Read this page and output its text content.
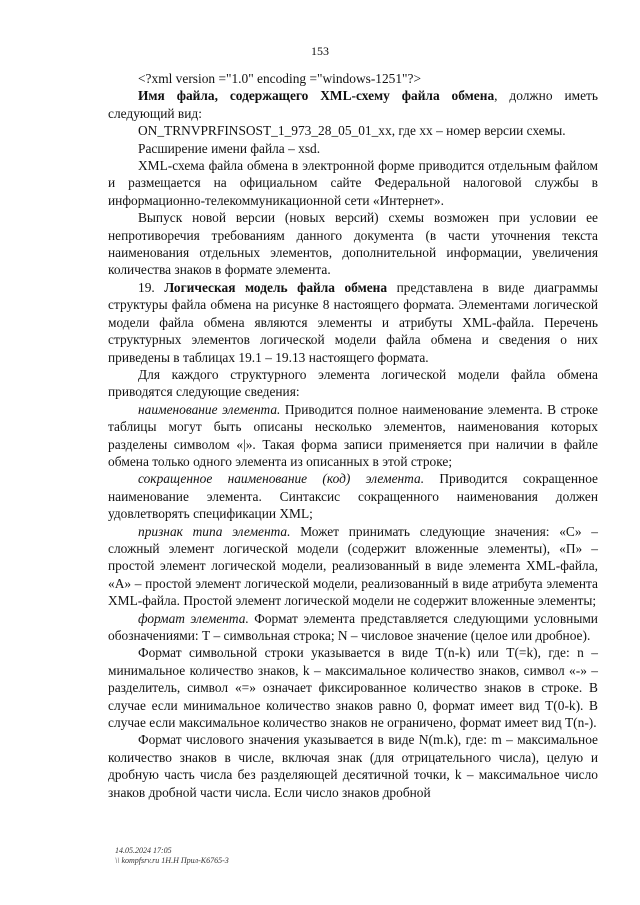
153

<?xml version ="1.0" encoding ="windows-1251"?>

Имя файла, содержащего XML-схему файла обмена, должно иметь следующий вид:

ON_TRNVPRFINSOST_1_973_28_05_01_xx, где хх – номер версии схемы.

Расширение имени файла – xsd.

XML-схема файла обмена в электронной форме приводится отдельным файлом и размещается на официальном сайте Федеральной налоговой службы в информационно-телекоммуникационной сети «Интернет».

Выпуск новой версии (новых версий) схемы возможен при условии ее непротиворечия требованиям данного документа (в части уточнения текста наименования отдельных элементов, дополнительной информации, увеличения количества знаков в формате элемента.

19. Логическая модель файла обмена представлена в виде диаграммы структуры файла обмена на рисунке 8 настоящего формата. Элементами логической модели файла обмена являются элементы и атрибуты XML-файла. Перечень структурных элементов логической модели файла обмена и сведения о них приведены в таблицах 19.1 – 19.13 настоящего формата.

Для каждого структурного элемента логической модели файла обмена приводятся следующие сведения:

наименование элемента. Приводится полное наименование элемента. В строке таблицы могут быть описаны несколько элементов, наименования которых разделены символом «|». Такая форма записи применяется при наличии в файле обмена только одного элемента из описанных в этой строке;

сокращенное наименование (код) элемента. Приводится сокращенное наименование элемента. Синтаксис сокращенного наименования должен удовлетворять спецификации XML;

признак типа элемента. Может принимать следующие значения: «С» – сложный элемент логической модели (содержит вложенные элементы), «П» – простой элемент логической модели, реализованный в виде элемента XML-файла, «А» – простой элемент логической модели, реализованный в виде атрибута элемента XML-файла. Простой элемент логической модели не содержит вложенные элементы;

формат элемента. Формат элемента представляется следующими условными обозначениями: Т – символьная строка; N – числовое значение (целое или дробное).

Формат символьной строки указывается в виде Т(n-k) или Т(=k), где: n – минимальное количество знаков, k – максимальное количество знаков, символ «-» – разделитель, символ «=» означает фиксированное количество знаков в строке. В случае если минимальное количество знаков равно 0, формат имеет вид Т(0-k). В случае если максимальное количество знаков не ограничено, формат имеет вид Т(n-).

Формат числового значения указывается в виде N(m.k), где: m – максимальное количество знаков в числе, включая знак (для отрицательного числа), целую и дробную часть числа без разделяющей десятичной точки, k – максимальное число знаков дробной части числа. Если число знаков дробной

14.05.2024 17:05
\\ kompfsrv.ru 1Н.Н Прил-К6765-3
